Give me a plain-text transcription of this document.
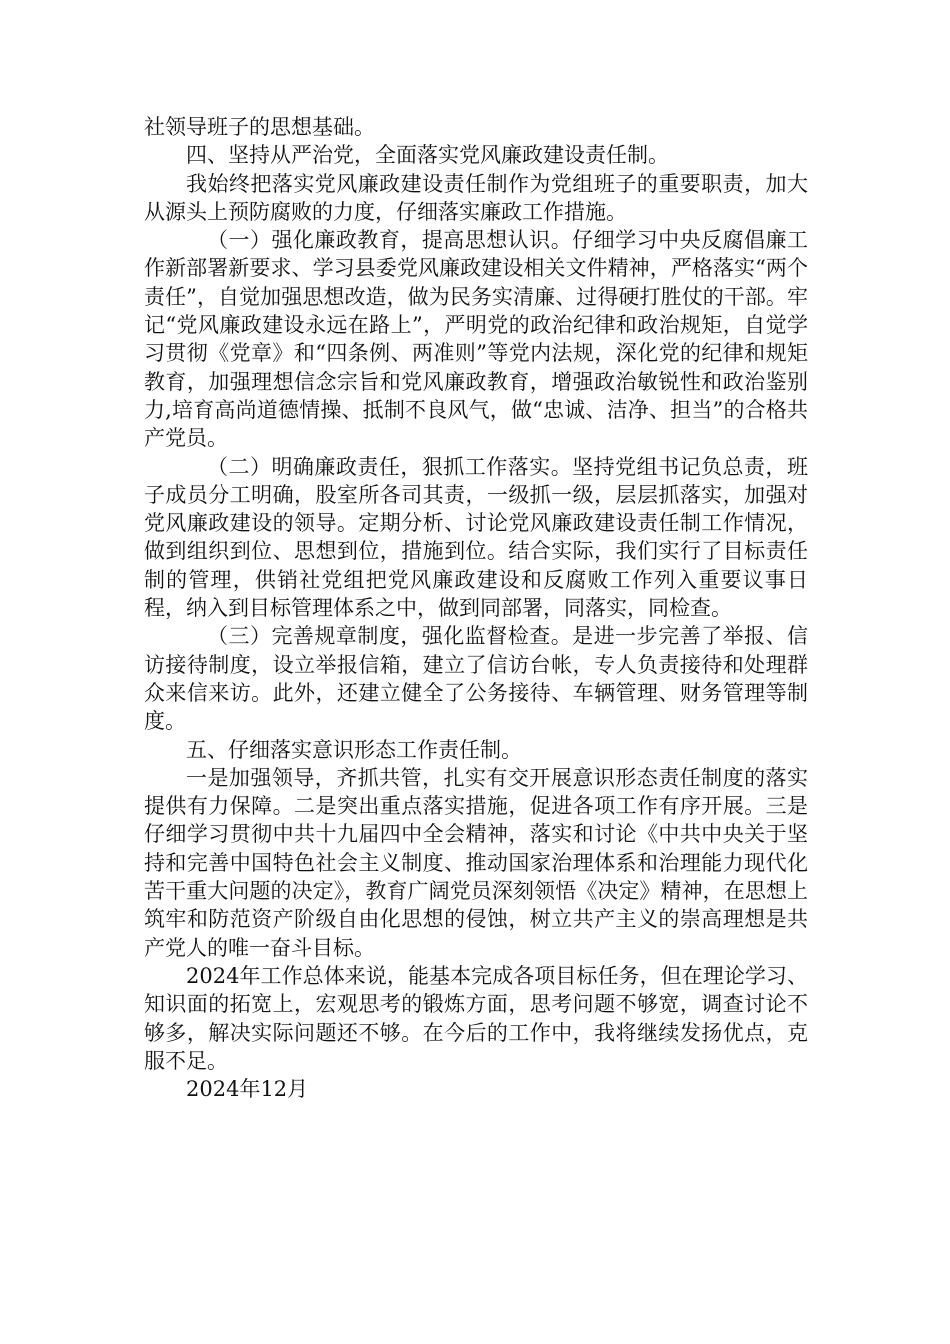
社领导班子的思想基础。

四、坚持从严治党，全面落实党风廉政建设责任制。

我始终把落实党风廉政建设责任制作为党组班子的重要职责，加大从源头上预防腐败的力度，仔细落实廉政工作措施。

（一）强化廉政教育，提高思想认识。仔细学习中央反腐倡廉工作新部署新要求、学习县委党风廉政建设相关文件精神，严格落实“两个责任”，自觉加强思想改造，做为民务实清廉、过得硬打胜仗的干部。牢记“党风廉政建设永远在路上”，严明党的政治纪律和政治规矩，自觉学习贯彻《党章》和“四条例、两准则”等党内法规，深化党的纪律和规矩教育，加强理想信念宗旨和党风廉政教育，增强政治敏锐性和政治鉴别力,培育高尚道德情操、抵制不良风气，做“忠诚、洁净、担当”的合格共产党员。

（二）明确廉政责任，狠抓工作落实。坚持党组书记负总责，班子成员分工明确，股室所各司其责，一级抓一级，层层抓落实，加强对党风廉政建设的领导。定期分析、讨论党风廉政建设责任制工作情况，做到组织到位、思想到位，措施到位。结合实际，我们实行了目标责任制的管理，供销社党组把党风廉政建设和反腐败工作列入重要议事日程，纳入到目标管理体系之中，做到同部署，同落实，同检查。

（三）完善规章制度，强化监督检查。是进一步完善了举报、信访接待制度，设立举报信箱，建立了信访台帐，专人负责接待和处理群众来信来访。此外，还建立健全了公务接待、车辆管理、财务管理等制度。

五、仔细落实意识形态工作责任制。

一是加强领导，齐抓共管，扎实有交开展意识形态责任制度的落实提供有力保障。二是突出重点落实措施，促进各项工作有序开展。三是仔细学习贯彻中共十九届四中全会精神，落实和讨论《中共中央关于坚持和完善中国特色社会主义制度、推动国家治理体系和治理能力现代化苦干重大问题的决定》，教育广阔党员深刻领悟《决定》精神，在思想上筑牢和防范资产阶级自由化思想的侵蚀，树立共产主义的崇高理想是共产党人的唯一奋斗目标。

2024年工作总体来说，能基本完成各项目标任务，但在理论学习、知识面的拓宽上，宏观思考的锻炼方面，思考问题不够宽，调查讨论不够多，解决实际问题还不够。在今后的工作中，我将继续发扬优点，克服不足。

2024年12月
